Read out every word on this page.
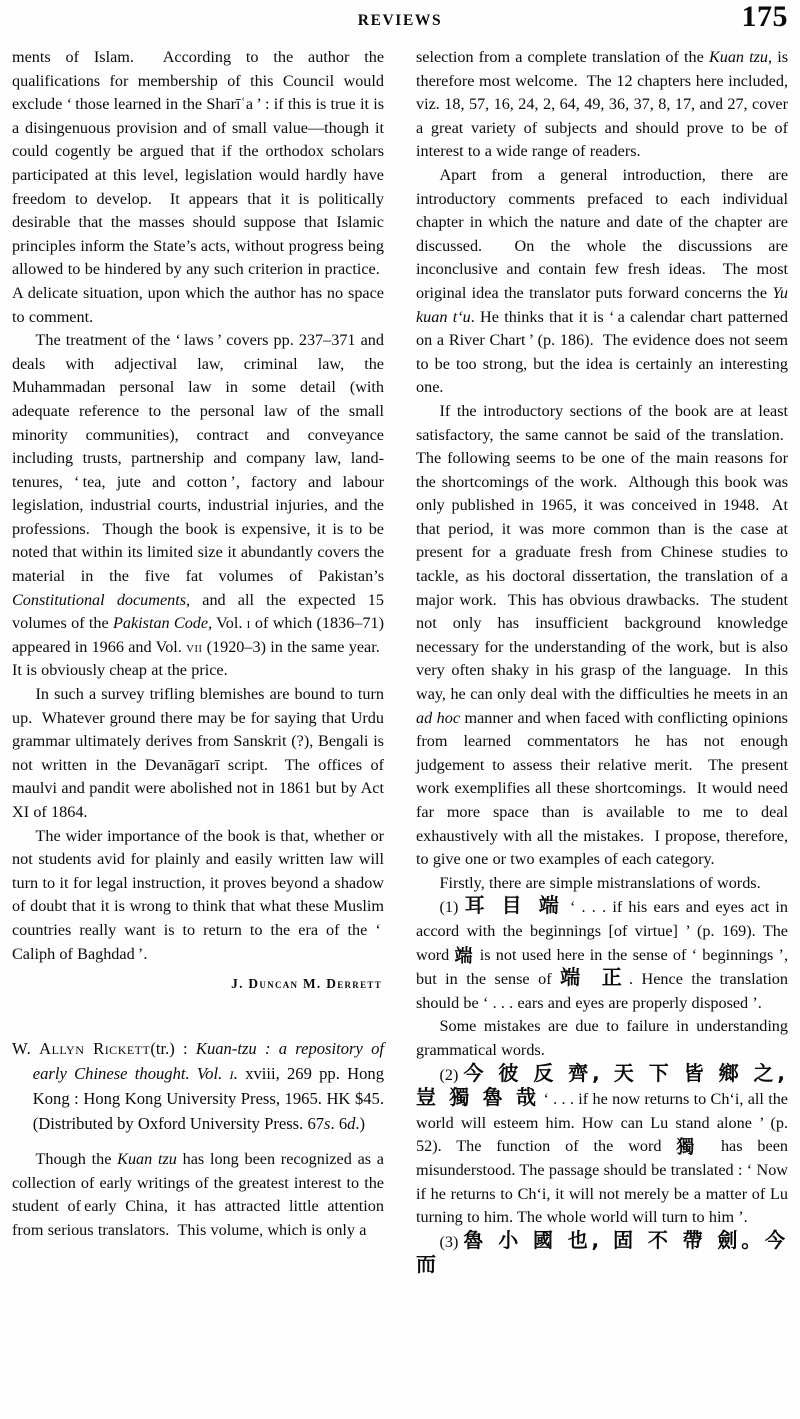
REVIEWS	175

ments of Islam.  According to the author the qualifications for membership of this Council would exclude ‘ those learned in the Sharīʿa ’ : if this is true it is a disingenuous provision and of small value—though it could cogently be argued that if the orthodox scholars participated at this level, legislation would hardly have freedom to develop.  It appears that it is politically desirable that the masses should suppose that Islamic principles inform the State’s acts, without progress being allowed to be hindered by any such criterion in practice.  A delicate situation, upon which the author has no space to comment.

The treatment of the ‘ laws ’ covers pp. 237–371 and deals with adjectival law, criminal law, the Muhammadan personal law in some detail (with adequate reference to the personal law of the small minority communities), contract and conveyance including trusts, partnership and company law, land-tenures, ‘ tea, jute and cotton ’, factory and labour legislation, industrial courts, industrial injuries, and the professions.  Though the book is expensive, it is to be noted that within its limited size it abundantly covers the material in the five fat volumes of Pakistan’s Constitutional documents, and all the expected 15 volumes of the Pakistan Code, Vol. i of which (1836–71) appeared in 1966 and Vol. vii (1920–3) in the same year.  It is obviously cheap at the price.

In such a survey trifling blemishes are bound to turn up.  Whatever ground there may be for saying that Urdu grammar ultimately derives from Sanskrit (?), Bengali is not written in the Devanāgarī script.  The offices of maulvi and pandit were abolished not in 1861 but by Act XI of 1864.

The wider importance of the book is that, whether or not students avid for plainly and easily written law will turn to it for legal instruction, it proves beyond a shadow of doubt that it is wrong to think that what these Muslim countries really want is to return to the era of the ‘ Caliph of Baghdad ’.

J. Duncan M. Derrett
W. Allyn Rickett(tr.) : Kuan-tzu : a repository of early Chinese thought. Vol. i. xviii, 269 pp. Hong Kong : Hong Kong University Press, 1965. HK $45. (Distributed by Oxford University Press. 67s. 6d.)

Though the Kuan tzu has long been recognized as a collection of early writings of the greatest interest to the student of early China, it has attracted little attention from serious translators.  This volume, which is only a

selection from a complete translation of the Kuan tzu, is therefore most welcome.  The 12 chapters here included, viz. 18, 57, 16, 24, 2, 64, 49, 36, 37, 8, 17, and 27, cover a great variety of subjects and should prove to be of interest to a wide range of readers.

Apart from a general introduction, there are introductory comments prefaced to each individual chapter in which the nature and date of the chapter are discussed.  On the whole the discussions are inconclusive and contain few fresh ideas.  The most original idea the translator puts forward concerns the Yu kuan tʻu. He thinks that it is ‘ a calendar chart patterned on a River Chart ’ (p. 186).  The evidence does not seem to be too strong, but the idea is certainly an interesting one.

If the introductory sections of the book are at least satisfactory, the same cannot be said of the translation.  The following seems to be one of the main reasons for the shortcomings of the work.  Although this book was only published in 1965, it was conceived in 1948.  At that period, it was more common than is the case at present for a graduate fresh from Chinese studies to tackle, as his doctoral dissertation, the translation of a major work.  This has obvious drawbacks.  The student not only has insufficient background knowledge necessary for the understanding of the work, but is also very often shaky in his grasp of the language.  In this way, he can only deal with the difficulties he meets in an ad hoc manner and when faced with conflicting opinions from learned commentators he has not enough judgement to assess their relative merit.  The present work exemplifies all these shortcomings.  It would need far more space than is available to me to deal exhaustively with all the mistakes.  I propose, therefore, to give one or two examples of each category.

Firstly, there are simple mistranslations of words.

(1) 耳 目 端 ‘ . . . if his ears and eyes act in accord with the beginnings [of virtue] ’ (p. 169). The word 端 is not used here in the sense of ‘ beginnings ’, but in the sense of 端 正. Hence the translation should be ‘ . . . ears and eyes are properly disposed ’.

Some mistakes are due to failure in understanding grammatical words.

(2) 今 彼 反 齊, 天 下 皆 鄉 之, 豈 獨 魯 哉 ‘ . . . if he now returns to Chʻi, all the world will esteem him. How can Lu stand alone ’ (p. 52). The function of the word 獨 has been misunderstood. The passage should be translated : ‘ Now if he returns to Chʻi, it will not merely be a matter of Lu turning to him. The whole world will turn to him ’.

(3) 魯 小 國 也, 固 不 帶 劍。今 而
